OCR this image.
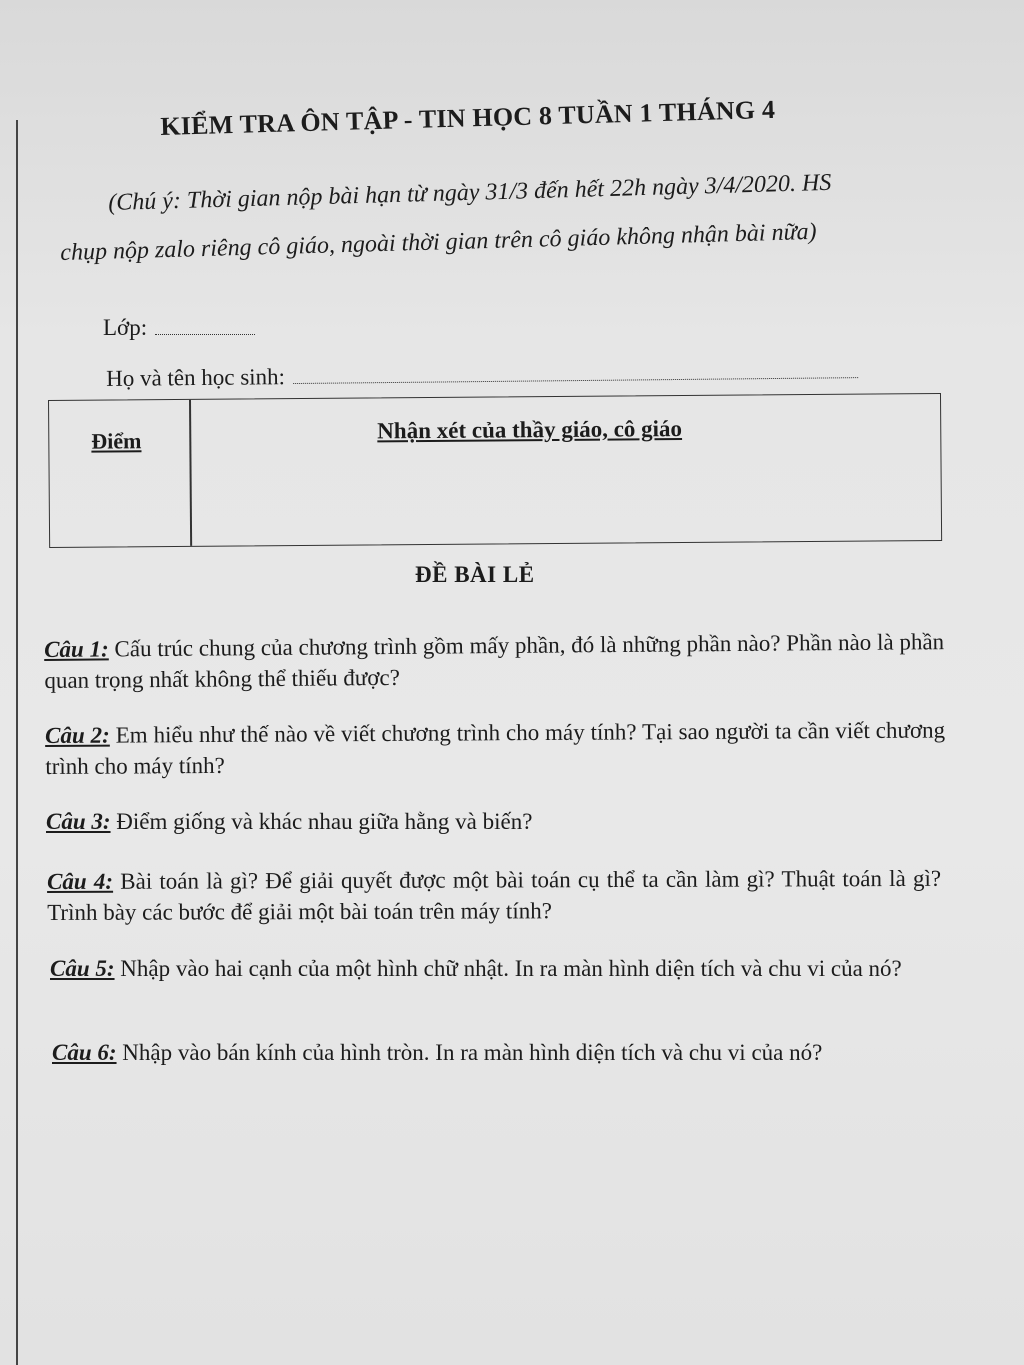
KIỂM TRA ÔN TẬP - TIN HỌC 8 TUẦN 1 THÁNG 4
(Chú ý: Thời gian nộp bài hạn từ ngày 31/3 đến hết 22h ngày 3/4/2020. HS
chụp nộp zalo riêng cô giáo, ngoài thời gian trên cô giáo không nhận bài nữa)
Lớp:
Họ và tên học sinh:
Điểm	Nhận xét của thầy giáo, cô giáo
ĐỀ BÀI LẺ
Câu 1: Cấu trúc chung của chương trình gồm mấy phần, đó là những phần nào? Phần nào là phần quan trọng nhất không thể thiếu được?
Câu 2: Em hiểu như thế nào về viết chương trình cho máy tính? Tại sao người ta cần viết chương trình cho máy tính?
Câu 3: Điểm giống và khác nhau giữa hằng và biến?
Câu 4: Bài toán là gì? Để giải quyết được một bài toán cụ thể ta cần làm gì? Thuật toán là gì? Trình bày các bước để giải một bài toán trên máy tính?
Câu 5: Nhập vào hai cạnh của một hình chữ nhật. In ra màn hình diện tích và chu vi của nó?
Câu 6: Nhập vào bán kính của hình tròn. In ra màn hình diện tích và chu vi của nó?
